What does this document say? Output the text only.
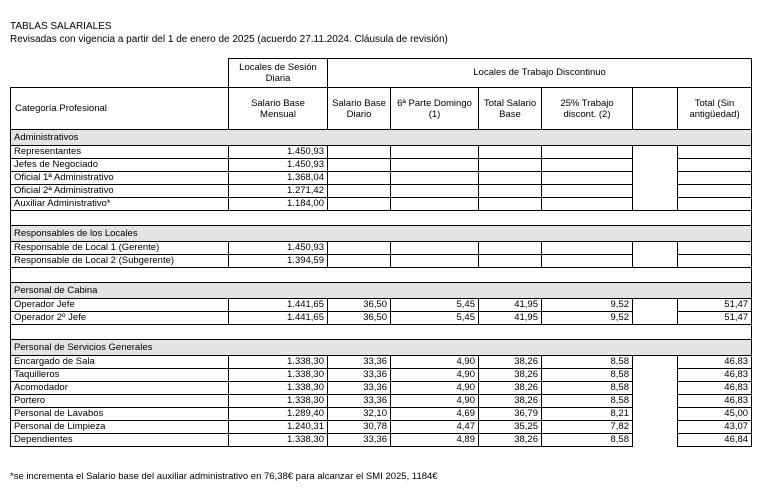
TABLAS SALARIALES
Revisadas con vigencia a partir del 1 de enero de 2025 (acuerdo 27.11.2024. Cláusula de revisión)
	Locales de Sesión Diaria	Locales de Trabajo Discontinuo					
Categoría Profesional	Salario Base Mensual	Salario Base Diario	6ª Parte Domingo (1)	Total Salario Base	25% Trabajo discont. (2)		Total (Sin antigüedad)
Administrativos							
Representantes	1.450,93						
Jefes de Negociado	1.450,93						
Oficial 1ª Administrativo	1.368,04						
Oficial 2ª Administrativo	1.271,42						
Auxiliar Administrativo*	1.184,00						

Responsables de los Locales							
Responsable de Local 1 (Gerente)	1.450,93						
Responsable de Local 2 (Subgerente)	1.394,59						

Personal de Cabina							
Operador Jefe	1.441,65	36,50	5,45	41,95	9,52		51,47
Operador 2º Jefe	1.441,65	36,50	5,45	41,95	9,52		51,47

Personal de Servicios Generales							
Encargado de Sala	1.338,30	33,36	4,90	38,26	8,58		46,83
Taquilleros	1.338,30	33,36	4,90	38,26	8,58		46,83
Acomodador	1.338,30	33,36	4,90	38,26	8,58		46,83
Portero	1.338,30	33,36	4,90	38,26	8,58		46,83
Personal de Lavabos	1.289,40	32,10	4,69	36,79	8,21		45,00
Personal de Limpieza	1.240,31	30,78	4,47	35,25	7,82		43,07
Dependientes	1.338,30	33,36	4,89	38,26	8,58		46,84
*se incrementa el Salario base del auxiliar administrativo en 76,38€ para alcanzar el SMI 2025, 1184€
